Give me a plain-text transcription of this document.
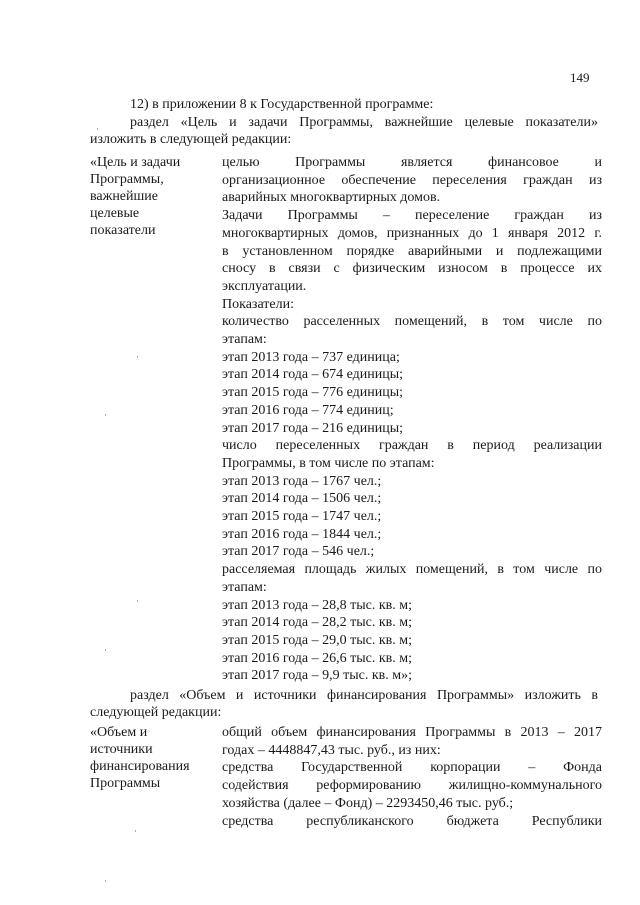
149
12) в приложении 8 к Государственной программе:
раздел «Цель и задачи Программы, важнейшие целевые показатели» изложить в следующей редакции:
«Цель и задачи
Программы,
важнейшие
целевые
показатели
целью Программы является финансовое и
организационное обеспечение переселения граждан из
аварийных многоквартирных домов.
Задачи Программы – переселение граждан из
многоквартирных домов, признанных до 1 января 2012 г.
в установленном порядке аварийными и подлежащими
сносу в связи с физическим износом в процессе их
эксплуатации.
Показатели:
количество расселенных помещений, в том числе по
этапам:
этап 2013 года – 737 единица;
этап 2014 года – 674 единицы;
этап 2015 года – 776 единицы;
этап 2016 года – 774 единиц;
этап 2017 года – 216 единицы;
число переселенных граждан в период реализации
Программы, в том числе по этапам:
этап 2013 года – 1767 чел.;
этап 2014 года – 1506 чел.;
этап 2015 года – 1747 чел.;
этап 2016 года – 1844 чел.;
этап 2017 года – 546 чел.;
расселяемая площадь жилых помещений, в том числе по
этапам:
этап 2013 года – 28,8 тыс. кв. м;
этап 2014 года – 28,2 тыс. кв. м;
этап 2015 года – 29,0 тыс. кв. м;
этап 2016 года – 26,6 тыс. кв. м;
этап 2017 года – 9,9 тыс. кв. м»;
раздел «Объем и источники финансирования Программы» изложить в следующей редакции:
«Объем и
источники
финансирования
Программы
общий объем финансирования Программы в 2013 – 2017
годах – 4448847,43 тыс. руб., из них:
средства Государственной корпорации – Фонда
содействия реформированию жилищно-коммунального
хозяйства (далее – Фонд) – 2293450,46 тыс. руб.;
средства республиканского бюджета Республики
·
·
·
·
·
·
·
